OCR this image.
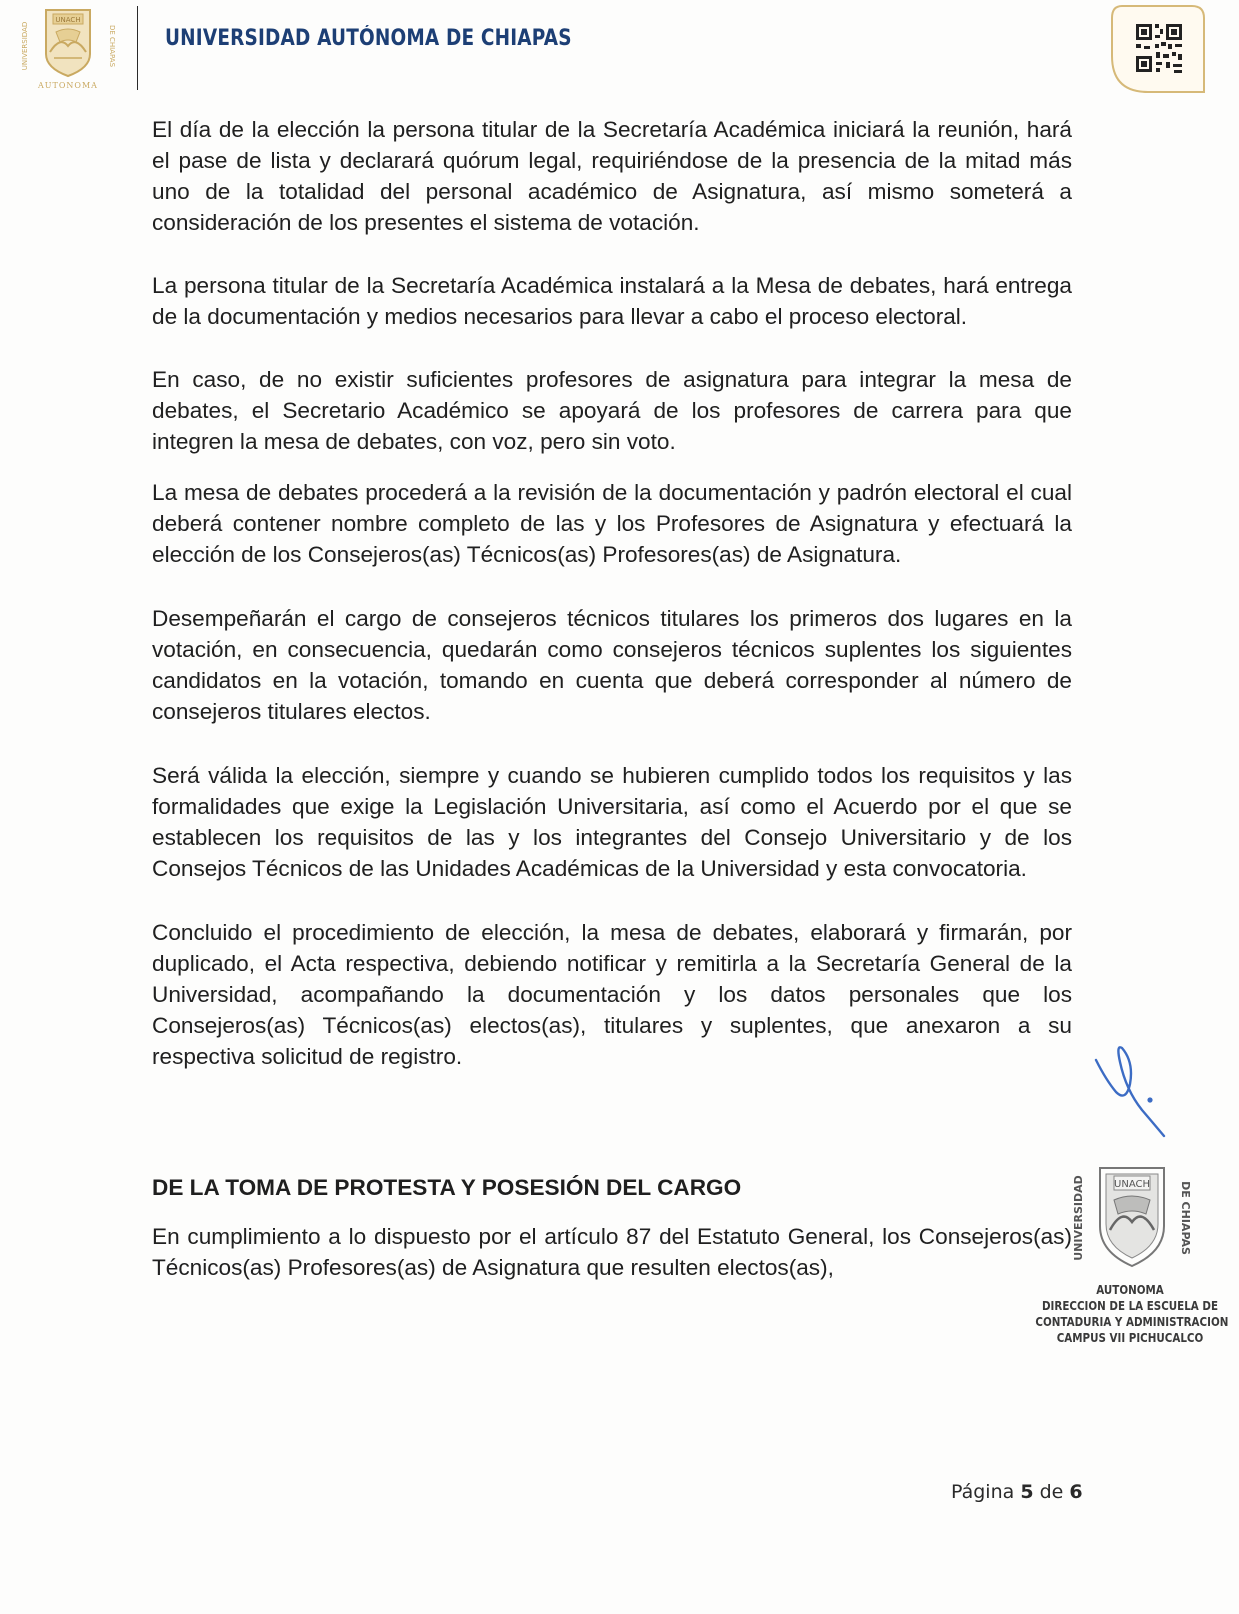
UNACH
UNIVERSIDAD	DE CHIAPAS
AUTONOMA
UNIVERSIDAD AUTÓNOMA DE CHIAPAS

El día de la elección la persona titular de la Secretaría Académica iniciará la reunión, hará el pase de lista y declarará quórum legal, requiriéndose de la presencia de la mitad más uno de la totalidad del personal académico de Asignatura, así mismo someterá a consideración de los presentes el sistema de votación.

La persona titular de la Secretaría Académica instalará a la Mesa de debates, hará entrega de la documentación y medios necesarios para llevar a cabo el proceso electoral.

En caso, de no existir suficientes profesores de asignatura para integrar la mesa de debates, el Secretario Académico se apoyará de los profesores de carrera para que integren la mesa de debates, con voz, pero sin voto.

La mesa de debates procederá a la revisión de la documentación y padrón electoral el cual deberá contener nombre completo de las y los Profesores de Asignatura y efectuará la elección de los Consejeros(as) Técnicos(as) Profesores(as) de Asignatura.

Desempeñarán el cargo de consejeros técnicos titulares los primeros dos lugares en la votación, en consecuencia, quedarán como consejeros técnicos suplentes los siguientes candidatos en la votación, tomando en cuenta que deberá corresponder al número de consejeros titulares electos.

Será válida la elección, siempre y cuando se hubieren cumplido todos los requisitos y las formalidades que exige la Legislación Universitaria, así como el Acuerdo por el que se establecen los requisitos de las y los integrantes del Consejo Universitario y de los Consejos Técnicos de las Unidades Académicas de la Universidad y esta convocatoria.

Concluido el procedimiento de elección, la mesa de debates, elaborará y firmarán, por duplicado, el Acta respectiva, debiendo notificar y remitirla a la Secretaría General de la Universidad, acompañando la documentación y los datos personales que los Consejeros(as) Técnicos(as) electos(as), titulares y suplentes, que anexaron a su respectiva solicitud de registro.

DE LA TOMA DE PROTESTA Y POSESIÓN DEL CARGO

En cumplimiento a lo dispuesto por el artículo 87 del Estatuto General, los Consejeros(as) Técnicos(as) Profesores(as) de Asignatura que resulten electos(as),

UNACH
UNIVERSIDAD	DE CHIAPAS
AUTONOMA
DIRECCION DE LA ESCUELA DE
CONTADURIA Y ADMINISTRACION
CAMPUS VII PICHUCALCO
Página 5 de 6
